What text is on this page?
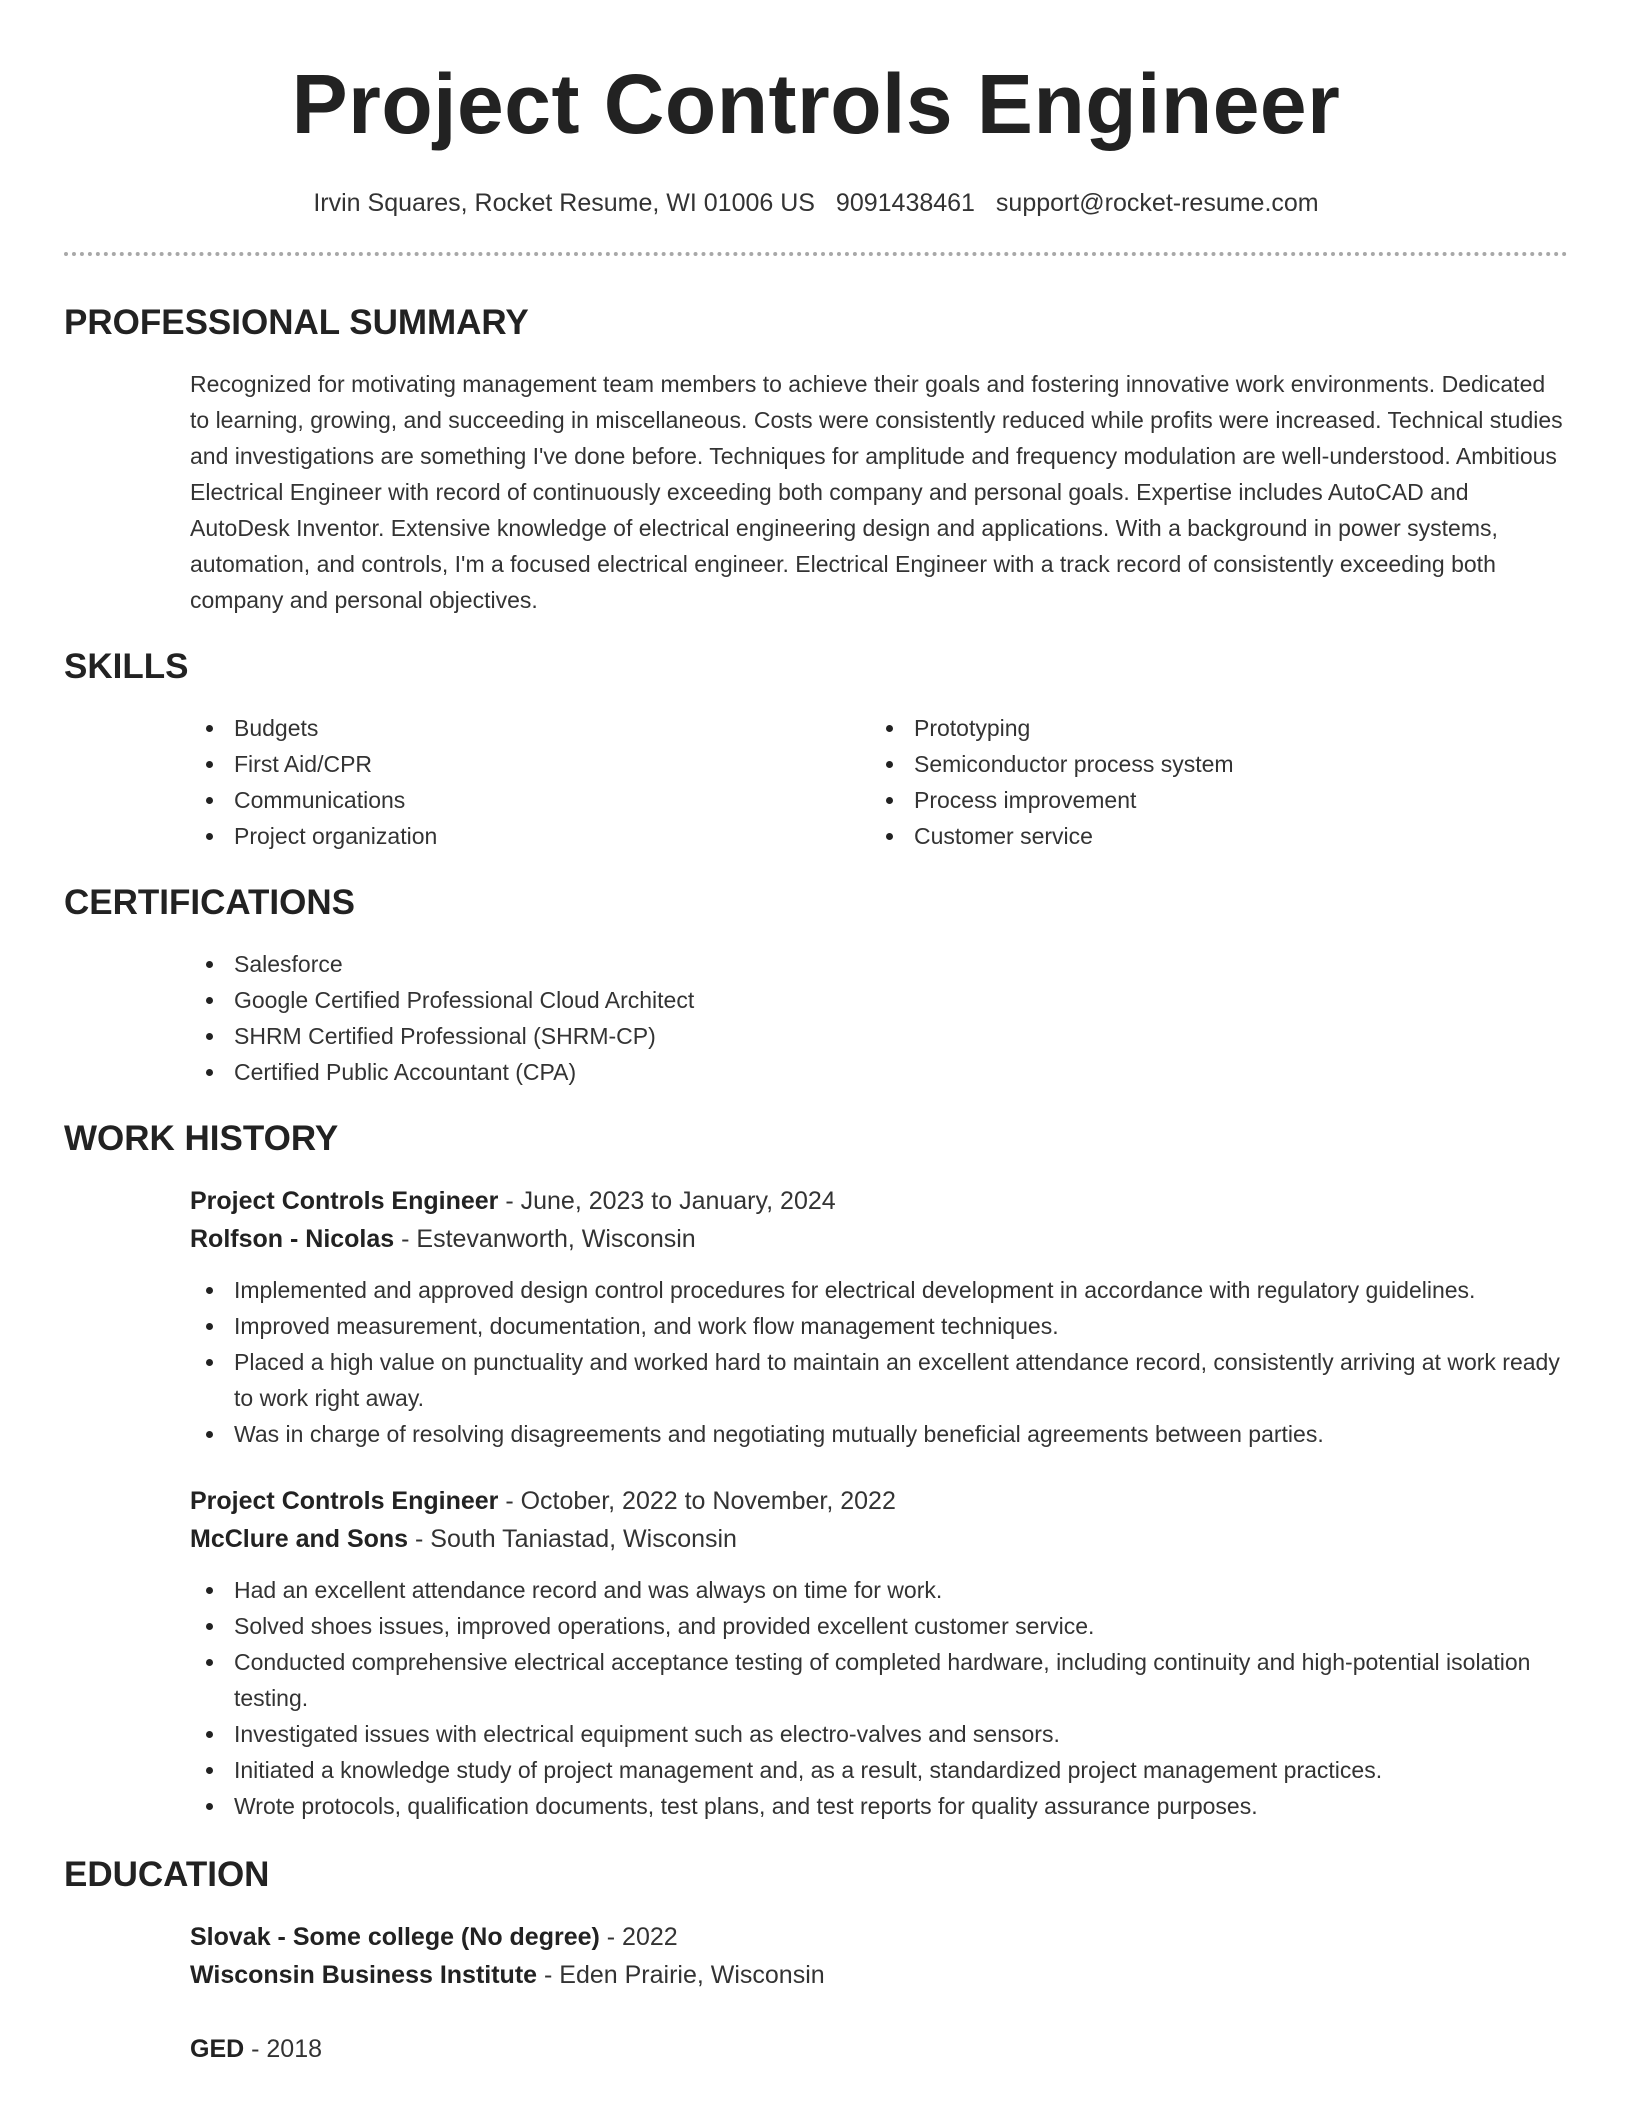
Project Controls Engineer
Irvin Squares, Rocket Resume, WI 01006 US 9091438461 support@rocket-resume.com
PROFESSIONAL SUMMARY

Recognized for motivating management team members to achieve their goals and fostering innovative work environments. Dedicated to learning, growing, and succeeding in miscellaneous. Costs were consistently reduced while profits were increased. Technical studies and investigations are something I've done before. Techniques for amplitude and frequency modulation are well-understood. Ambitious Electrical Engineer with record of continuously exceeding both company and personal goals. Expertise includes AutoCAD and AutoDesk Inventor. Extensive knowledge of electrical engineering design and applications. With a background in power systems, automation, and controls, I'm a focused electrical engineer. Electrical Engineer with a track record of consistently exceeding both company and personal objectives.

SKILLS
Budgets
First Aid/CPR
Communications
Project organization
Prototyping
Semiconductor process system
Process improvement
Customer service
CERTIFICATIONS
Salesforce
Google Certified Professional Cloud Architect
SHRM Certified Professional (SHRM-CP)
Certified Public Accountant (CPA)
WORK HISTORY
Project Controls Engineer - June, 2023 to January, 2024
Rolfson - Nicolas - Estevanworth, Wisconsin
Implemented and approved design control procedures for electrical development in accordance with regulatory guidelines.
Improved measurement, documentation, and work flow management techniques.
Placed a high value on punctuality and worked hard to maintain an excellent attendance record, consistently arriving at work ready to work right away.
Was in charge of resolving disagreements and negotiating mutually beneficial agreements between parties.
Project Controls Engineer - October, 2022 to November, 2022
McClure and Sons - South Taniastad, Wisconsin
Had an excellent attendance record and was always on time for work.
Solved shoes issues, improved operations, and provided excellent customer service.
Conducted comprehensive electrical acceptance testing of completed hardware, including continuity and high-potential isolation testing.
Investigated issues with electrical equipment such as electro-valves and sensors.
Initiated a knowledge study of project management and, as a result, standardized project management practices.
Wrote protocols, qualification documents, test plans, and test reports for quality assurance purposes.
EDUCATION
Slovak - Some college (No degree) - 2022
Wisconsin Business Institute - Eden Prairie, Wisconsin
GED - 2018
